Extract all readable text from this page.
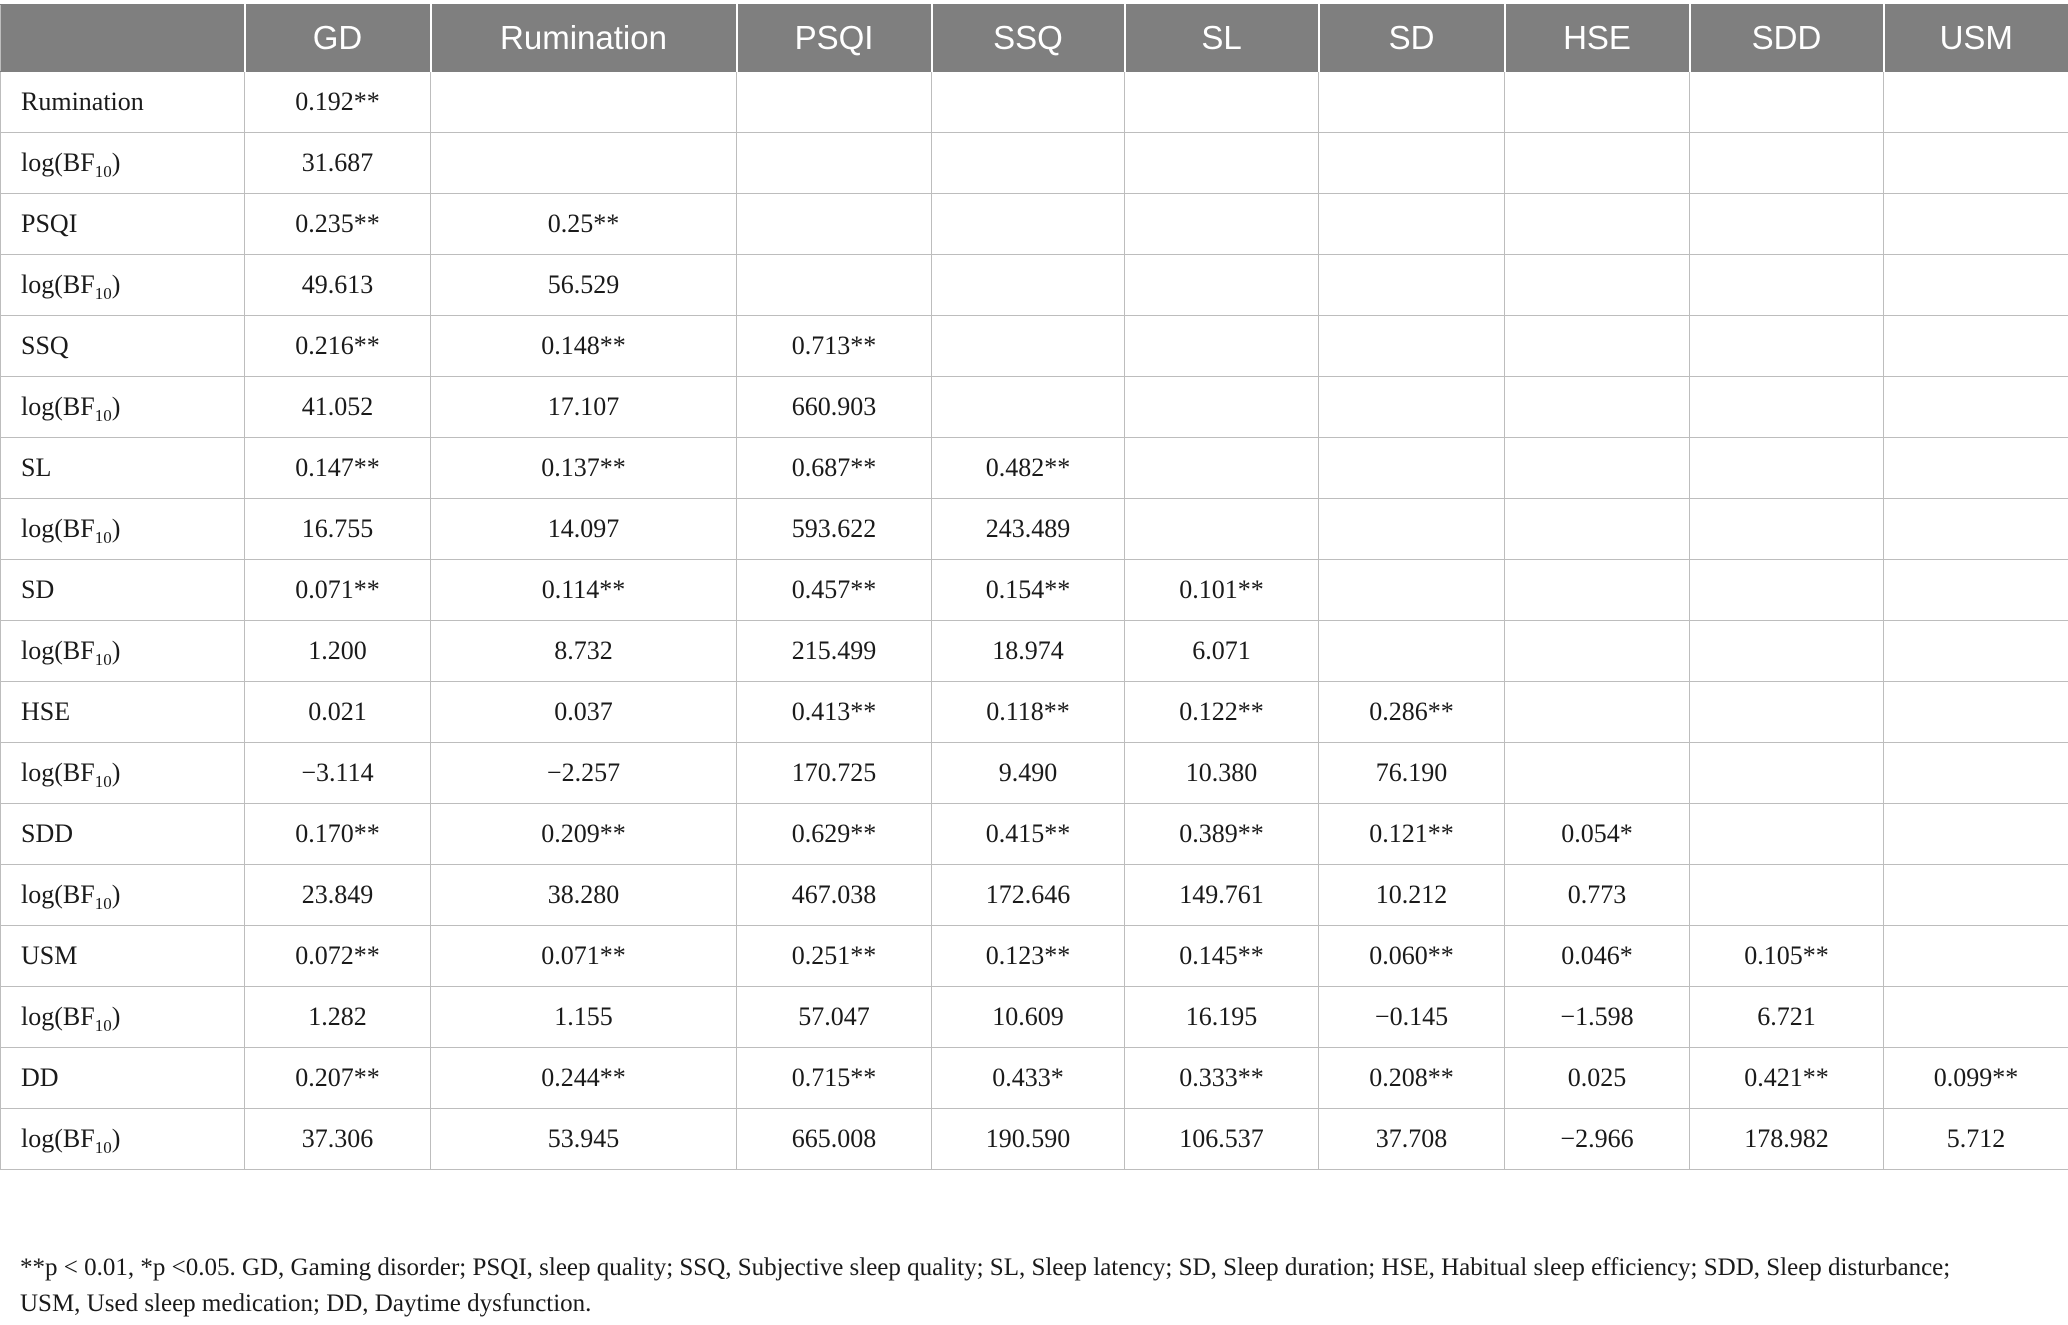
	GD	Rumination	PSQI	SSQ	SL	SD	HSE	SDD	USM
Rumination	0.192**								
$\log(BF_{10})$	31.687								
PSQI	0.235**	0.25**							
$\log(BF_{10})$	49.613	56.529							
SSQ	0.216**	0.148**	0.713**						
$\log(BF_{10})$	41.052	17.107	660.903						
SL	0.147**	0.137**	0.687**	0.482**					
$\log(BF_{10})$	16.755	14.097	593.622	243.489					
SD	0.071**	0.114**	0.457**	0.154**	0.101**				
$\log(BF_{10})$	1.200	8.732	215.499	18.974	6.071				
HSE	0.021	0.037	0.413**	0.118**	0.122**	0.286**			
$\log(BF_{10})$	−3.114	−2.257	170.725	9.490	10.380	76.190			
SDD	0.170**	0.209**	0.629**	0.415**	0.389**	0.121**	0.054*		
$\log(BF_{10})$	23.849	38.280	467.038	172.646	149.761	10.212	0.773		
USM	0.072**	0.071**	0.251**	0.123**	0.145**	0.060**	0.046*	0.105**	
$\log(BF_{10})$	1.282	1.155	57.047	10.609	16.195	−0.145	−1.598	6.721	
DD	0.207**	0.244**	0.715**	0.433*	0.333**	0.208**	0.025	0.421**	0.099**
$\log(BF_{10})$	37.306	53.945	665.008	190.590	106.537	37.708	−2.966	178.982	5.712
**p < 0.01, *p <0.05. GD, Gaming disorder; PSQI, sleep quality; SSQ, Subjective sleep quality; SL, Sleep latency; SD, Sleep duration; HSE, Habitual sleep efficiency; SDD, Sleep disturbance;
USM, Used sleep medication; DD, Daytime dysfunction.
